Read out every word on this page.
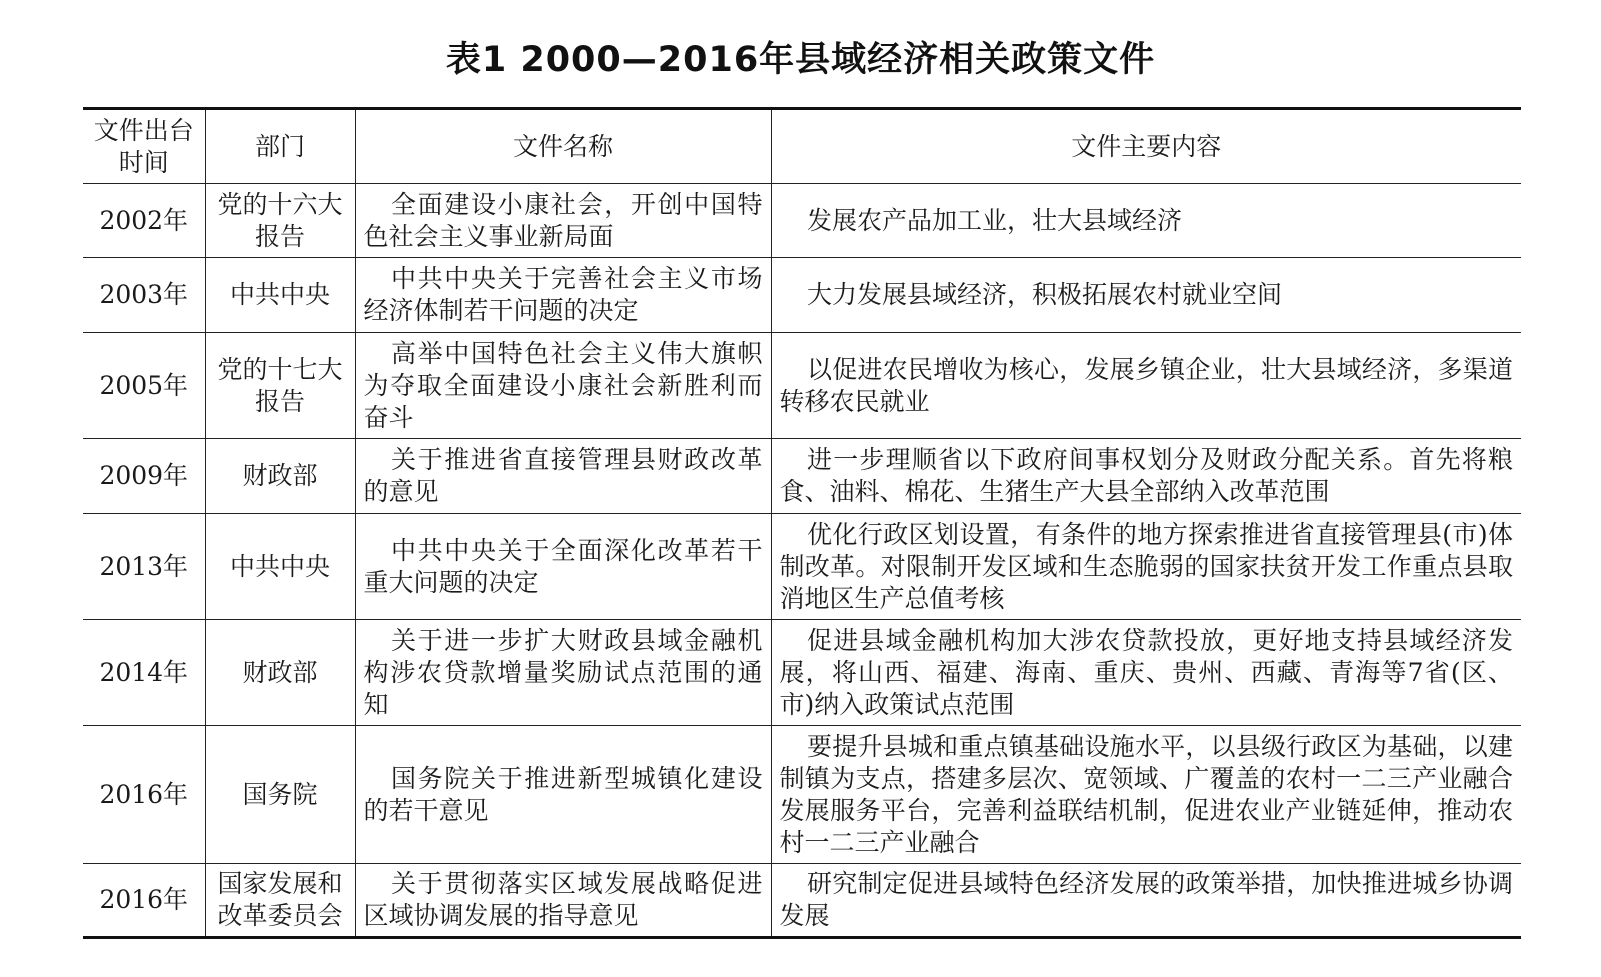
表1 2000—2016年县域经济相关政策文件
文件出台时间	部门	文件名称	文件主要内容
2002年	党的十六大报告	全面建设小康社会，开创中国特色社会主义事业新局面	发展农产品加工业，壮大县域经济
2003年	中共中央	中共中央关于完善社会主义市场经济体制若干问题的决定	大力发展县域经济，积极拓展农村就业空间
2005年	党的十七大报告	高举中国特色社会主义伟大旗帜为夺取全面建设小康社会新胜利而奋斗	以促进农民增收为核心，发展乡镇企业，壮大县域经济，多渠道转移农民就业
2009年	财政部	关于推进省直接管理县财政改革的意见	进一步理顺省以下政府间事权划分及财政分配关系。首先将粮食、油料、棉花、生猪生产大县全部纳入改革范围
2013年	中共中央	中共中央关于全面深化改革若干重大问题的决定	优化行政区划设置，有条件的地方探索推进省直接管理县(市)体制改革。对限制开发区域和生态脆弱的国家扶贫开发工作重点县取消地区生产总值考核
2014年	财政部	关于进一步扩大财政县域金融机构涉农贷款增量奖励试点范围的通知	促进县域金融机构加大涉农贷款投放，更好地支持县域经济发展，将山西、福建、海南、重庆、贵州、西藏、青海等7省(区、市)纳入政策试点范围
2016年	国务院	国务院关于推进新型城镇化建设的若干意见	要提升县城和重点镇基础设施水平，以县级行政区为基础，以建制镇为支点，搭建多层次、宽领域、广覆盖的农村一二三产业融合发展服务平台，完善利益联结机制，促进农业产业链延伸，推动农村一二三产业融合
2016年	国家发展和改革委员会	关于贯彻落实区域发展战略促进区域协调发展的指导意见	研究制定促进县域特色经济发展的政策举措，加快推进城乡协调发展
